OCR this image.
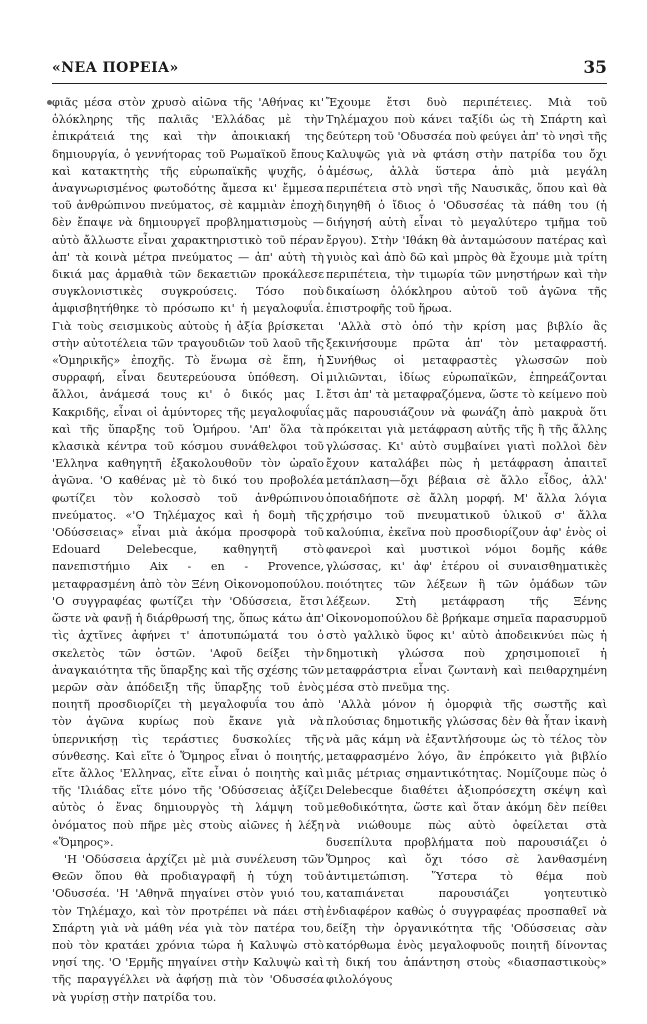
«ΝΕΑ ΠΟΡΕΙΑ»	35

φιᾶς μέσα στὸν χρυσὸ αἰῶνα τῆς 'Αθήνας κι' ὁλόκληρης τῆς παλιᾶς 'Ελλάδας μὲ τὴν ἐπικράτειά της καὶ τὴν ἀποικιακή της δημιουργία, ὁ γεννήτορας τοῦ Ρωμαϊκοῦ ἔπους καὶ κατακτητὴς τῆς εὐρωπαϊκῆς ψυχῆς, ὁ ἀναγνωρισμένος φωτοδότης ἄμεσα κι' ἔμμεσα τοῦ ἀνθρώπινου πνεύματος, σὲ καμμιὰν ἐποχὴ δὲν ἔπαψε νὰ δημιουργεῖ προβληματισμοὺς — αὐτὸ ἄλλωστε εἶναι χαρακτηριστικὸ τοῦ πέραν ἀπ' τὰ κοινὰ μέτρα πνεύματος — ἀπ' αὐτὴ τὴ δικιά μας ἁρμαθιὰ τῶν δεκαετιῶν προκάλεσε συγκλονιστικὲς συγκρούσεις. Τόσο ποὺ ἀμφισβητήθηκε τὸ πρόσωπο κι' ἡ μεγαλοφυΐα. Γιὰ τοὺς σεισμικοὺς αὐτοὺς ἡ ἀξία βρίσκεται στὴν αὐτοτέλεια τῶν τραγουδιῶν τοῦ λαοῦ τῆς «Ὁμηρικῆς» ἐποχῆς. Τὸ ἕνωμα σὲ ἔπη, ἡ συρραφή, εἶναι δευτερεύουσα ὑπόθεση. Οἱ ἄλλοι, ἀνάμεσά τους κι' ὁ δικός μας Ι. Κακριδῆς, εἶναι οἱ ἀμύντορες τῆς μεγαλοφυΐας καὶ τῆς ὕπαρξης τοῦ Ὁμήρου. 'Απ' ὅλα τὰ κλασικὰ κέντρα τοῦ κόσμου συνάθελφοι τοῦ 'Ελληνα καθηγητῆ ἐξακολουθοῦν τὸν ὡραῖο ἀγῶνα. 'Ο καθένας μὲ τὸ δικό του προβολέα φωτίζει τὸν κολοσσὸ τοῦ ἀνθρώπινου πνεύματος. «'Ο Τηλέμαχος καὶ ἡ δομὴ τῆς 'Οδύσσειας» εἶναι μιὰ ἀκόμα προσφορὰ τοῦ Edouard Delebecque, καθηγητῆ στὸ πανεπιστήμιο Aix - en - Provence, μεταφρασμένη ἀπὸ τὸν Ξένη Οἰκονομοπούλου. 'Ο συγγραφέας φωτίζει τὴν 'Οδύσσεια, ἔτσι ὥστε νὰ φανῇ ἡ διάρθρωσή της, ὅπως κάτω ἀπ' τὶς ἀχτῖνες ἀφήνει τ' ἀποτυπώματά του ὁ σκελετὸς τῶν ὀστῶν. 'Αφοῦ δείξει τὴν ἀναγκαιότητα τῆς ὕπαρξης καὶ τῆς σχέσης τῶν μερῶν σὰν ἀπόδειξη τῆς ὕπαρξης τοῦ ἑνὸς ποιητῆ προσδιορίζει τὴ μεγαλοφυΐα του ἀπὸ τὸν ἀγῶνα κυρίως ποὺ ἔκανε γιὰ νὰ ὑπερνικήσῃ τὶς τεράστιες δυσκολίες τῆς σύνθεσης. Καὶ εἴτε ὁ Ὅμηρος εἶναι ὁ ποιητής, εἴτε ἄλλος 'Ελληνας, εἴτε εἶναι ὁ ποιητὴς καὶ τῆς 'Ιλιάδας εἴτε μόνο τῆς 'Οδύσσειας ἀξίζει αὐτὸς ὁ ἕνας δημιουργὸς τὴ λάμψη τοῦ ὀνόματος ποὺ πῆρε μὲς στοὺς αἰῶνες ἡ λέξη «Ὅμηρος».

'Η 'Οδύσσεια ἀρχίζει μὲ μιὰ συνέλευση τῶν Θεῶν ὅπου θὰ προδιαγραφῆ ἡ τύχη τοῦ 'Οδυσσέα. 'Η 'Αθηνᾶ πηγαίνει στὸν γυιό του, τὸν Τηλέμαχο, καὶ τὸν προτρέπει νὰ πάει στὴ Σπάρτη γιὰ νὰ μάθη νέα γιὰ τὸν πατέρα του, ποὺ τὸν κρατάει χρόνια τώρα ἡ Καλυψὼ στὸ νησί της. 'Ο 'Ερμῆς πηγαίνει στὴν Καλυψὼ καὶ τῆς παραγγέλλει νὰ ἀφήσῃ πιὰ τὸν 'Οδυσσέα νὰ γυρίσῃ στὴν πατρίδα του.

Ἔχουμε ἔτσι δυὸ περιπέτειες. Μιὰ τοῦ Τηλέμαχου ποὺ κάνει ταξίδι ὡς τὴ Σπάρτη καὶ δεύτερη τοῦ 'Οδυσσέα ποὺ φεύγει ἀπ' τὸ νησὶ τῆς Καλυψῶς γιὰ νὰ φτάση στὴν πατρίδα του ὄχι ἀμέσως, ἀλλὰ ὕστερα ἀπὸ μιὰ μεγάλη περιπέτεια στὸ νησὶ τῆς Ναυσικᾶς, ὅπου καὶ θὰ διηγηθῆ ὁ ἴδιος ὁ 'Οδυσσέας τὰ πάθη του (ἡ διήγησή αὐτὴ εἶναι τὸ μεγαλύτερο τμῆμα τοῦ ἔργου). Στὴν 'Ιθάκη θὰ ἀνταμώσουν πατέρας καὶ γυιὸς καὶ ἀπὸ δῶ καὶ μπρὸς θὰ ἔχουμε μιὰ τρίτη περιπέτεια, τὴν τιμωρία τῶν μνηστήρων καὶ τὴν δικαίωση ὁλόκληρου αὐτοῦ τοῦ ἀγῶνα τῆς ἐπιστροφῆς τοῦ ἥρωα.

'Αλλὰ στὸ ὁπό τὴν κρίση μας βιβλίο ἂς ξεκινήσουμε πρῶτα ἀπ' τὸν μεταφραστή. Συνήθως οἱ μεταφραστὲς γλωσσῶν ποὺ μιλιῶνται, ἰδίως εὐρωπαϊκῶν, ἐπηρεάζονται ἔτσι ἀπ' τὰ μεταφραζόμενα, ὥστε τὸ κείμενο ποὺ μᾶς παρουσιάζουν νὰ φωνάζη ἀπὸ μακρυὰ ὅτι πρόκειται γιὰ μετάφραση αὐτῆς τῆς ἢ τῆς ἄλλης γλώσσας. Κι' αὐτὸ συμβαίνει γιατὶ πολλοὶ δὲν ἔχουν καταλάβει πὼς ἡ μετάφραση ἀπαιτεῖ μετάπλαση—ὄχι βέβαια σὲ ἄλλο εἶδος, ἀλλ' ὁποιαδήποτε σὲ ἄλλη μορφή. Μ' ἄλλα λόγια χρήσιμο τοῦ πνευματικοῦ ὑλικοῦ σ' ἄλλα καλούπια, ἐκεῖνα ποὺ προσδιορίζουν ἀφ' ἑνὸς οἱ φανεροὶ καὶ μυστικοὶ νόμοι δομῆς κάθε γλώσσας, κι' ἀφ' ἑτέρου οἱ συναισθηματικὲς ποιότητες τῶν λέξεων ἢ τῶν ὁμάδων τῶν λέξεων. Στὴ μετάφραση τῆς Ξένης Οἰκονομοπούλου δὲ βρήκαμε σημεῖα παρασυρμοῦ στὸ γαλλικὸ ὕφος κι' αὐτὸ ἀποδεικνύει πὼς ἡ δημοτικὴ γλώσσα ποὺ χρησιμοποιεῖ ἡ μεταφράστρια εἶναι ζωντανὴ καὶ πειθαρχημένη μέσα στὸ πνεῦμα της.

'Αλλὰ μόνον ἡ ὀμορφιὰ τῆς σωστῆς καὶ πλούσιας δημοτικῆς γλώσσας δὲν θὰ ἦταν ἱκανὴ νὰ μᾶς κάμη νὰ ἐξαντλήσουμε ὡς τὸ τέλος τὸν μεταφρασμένο λόγο, ἂν ἐπρόκειτο γιὰ βιβλίο μιᾶς μέτριας σημαντικότητας. Νομίζουμε πὼς ὁ Delebecque διαθέτει ἀξιοπρόσεχτη σκέψη καὶ μεθοδικότητα, ὥστε καὶ ὅταν ἀκόμη δὲν πείθει νὰ νιώθουμε πὼς αὐτὸ ὀφείλεται στὰ δυσεπίλυτα προβλήματα ποὺ παρουσιάζει ὁ Ὅμηρος καὶ ὄχι τόσο σὲ λανθασμένη ἀντιμετώπιση. Ὕστερα τὸ θέμα ποὺ καταπιάνεται παρουσιάζει γοητευτικὸ ἐνδιαφέρον καθὼς ὁ συγγραφέας προσπαθεῖ νὰ δείξη τὴν ὀργανικότητα τῆς 'Οδύσσειας σὰν κατόρθωμα ἑνὸς μεγαλοφυοῦς ποιητῆ δίνοντας τὴ δική του ἀπάντηση στοὺς «διασπαστικοὺς» φιλολόγους
